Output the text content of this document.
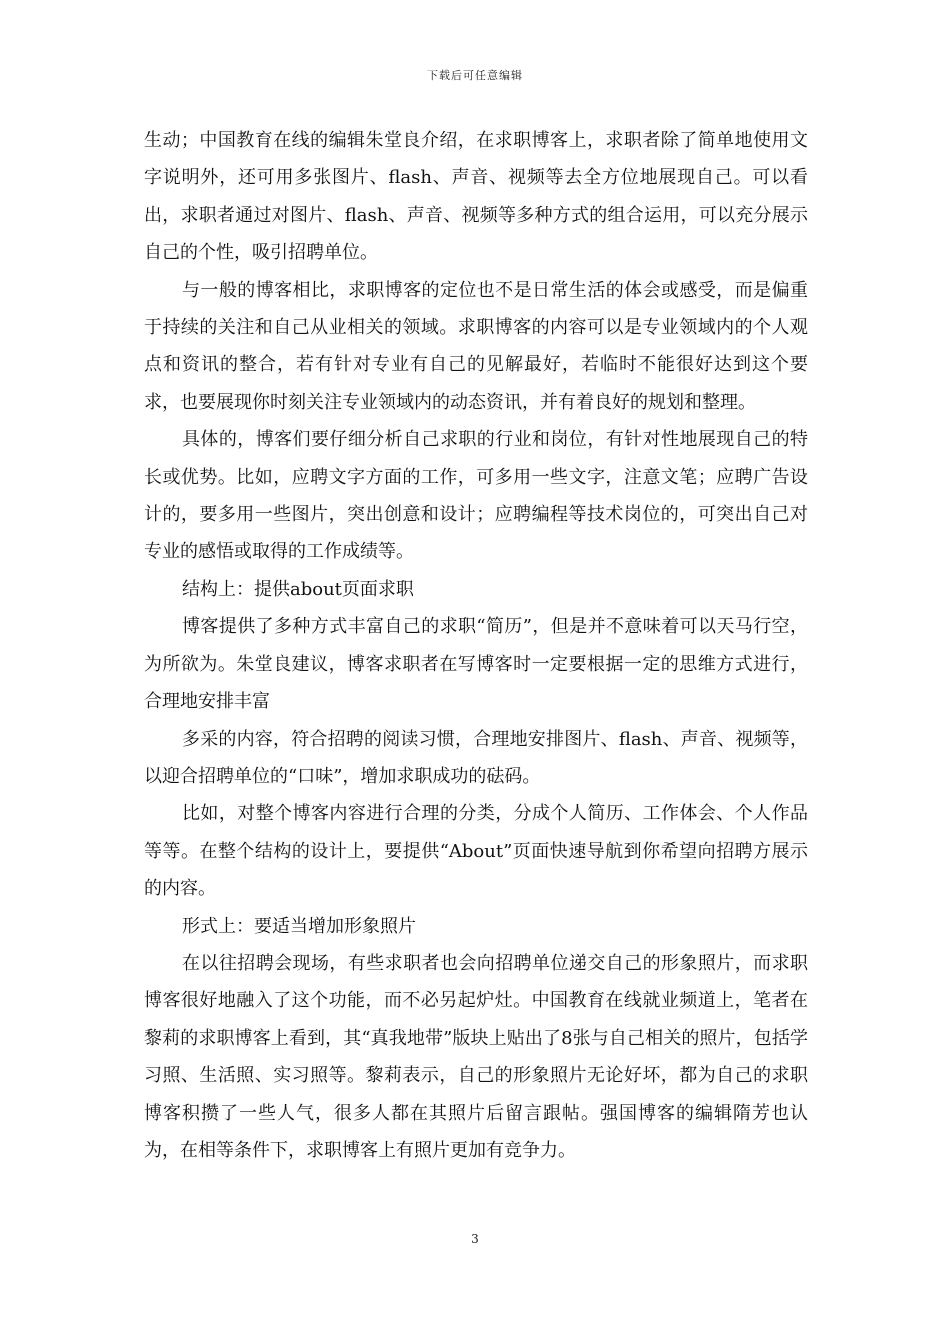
下载后可任意编辑

生动；中国教育在线的编辑朱堂良介绍，在求职博客上，求职者除了简单地使用文字说明外，还可用多张图片、flash、声音、视频等去全方位地展现自己。可以看出，求职者通过对图片、flash、声音、视频等多种方式的组合运用，可以充分展示自己的个性，吸引招聘单位。

与一般的博客相比，求职博客的定位也不是日常生活的体会或感受，而是偏重于持续的关注和自己从业相关的领域。求职博客的内容可以是专业领域内的个人观点和资讯的整合，若有针对专业有自己的见解最好，若临时不能很好达到这个要求，也要展现你时刻关注专业领域内的动态资讯，并有着良好的规划和整理。

具体的，博客们要仔细分析自己求职的行业和岗位，有针对性地展现自己的特长或优势。比如，应聘文字方面的工作，可多用一些文字，注意文笔；应聘广告设计的，要多用一些图片，突出创意和设计；应聘编程等技术岗位的，可突出自己对专业的感悟或取得的工作成绩等。

结构上：提供about页面求职

博客提供了多种方式丰富自己的求职“简历”，但是并不意味着可以天马行空，为所欲为。朱堂良建议，博客求职者在写博客时一定要根据一定的思维方式进行，合理地安排丰富

多采的内容，符合招聘的阅读习惯，合理地安排图片、flash、声音、视频等，以迎合招聘单位的“口味”，增加求职成功的砝码。

比如，对整个博客内容进行合理的分类，分成个人简历、工作体会、个人作品等等。在整个结构的设计上，要提供“About”页面快速导航到你希望向招聘方展示的内容。

形式上：要适当增加形象照片

在以往招聘会现场，有些求职者也会向招聘单位递交自己的形象照片，而求职博客很好地融入了这个功能，而不必另起炉灶。中国教育在线就业频道上，笔者在黎莉的求职博客上看到，其“真我地带”版块上贴出了8张与自己相关的照片，包括学习照、生活照、实习照等。黎莉表示，自己的形象照片无论好坏，都为自己的求职博客积攒了一些人气，很多人都在其照片后留言跟帖。强国博客的编辑隋芳也认为，在相等条件下，求职博客上有照片更加有竞争力。

3
